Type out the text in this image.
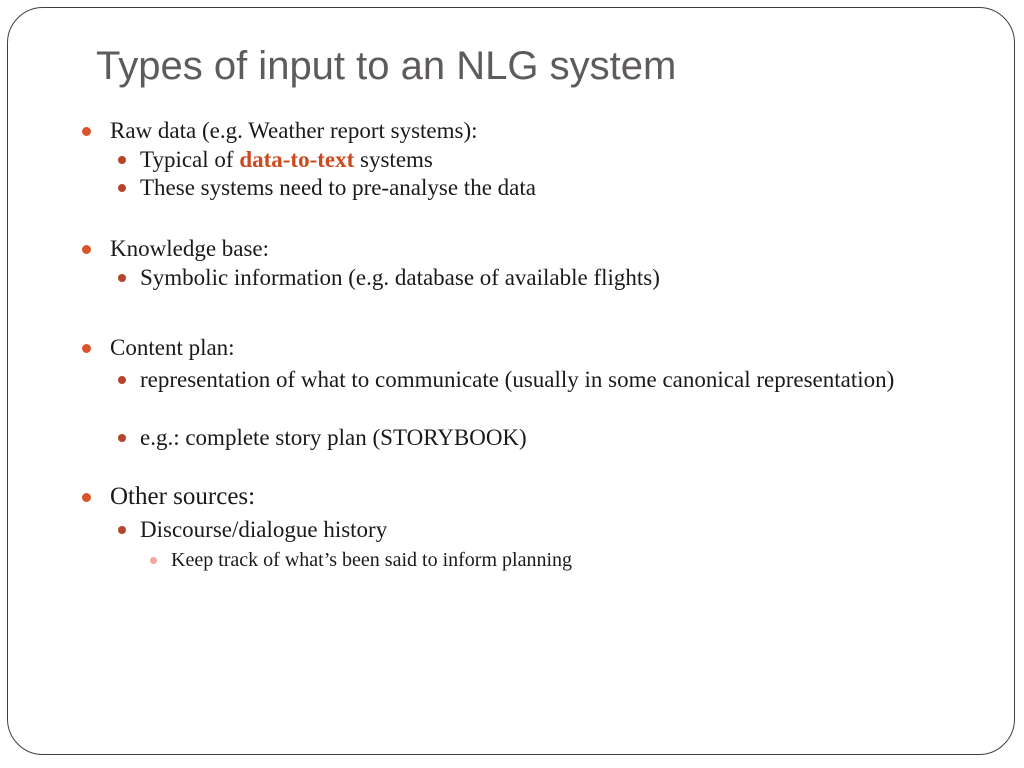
Types of input to an NLG system
Raw data (e.g. Weather report systems):
Typical of data-to-text systems
These systems need to pre-analyse the data
Knowledge base:
Symbolic information (e.g. database of available flights)
Content plan:
representation of what to communicate (usually in some canonical representation)
e.g.: complete story plan (STORYBOOK)
Other sources:
Discourse/dialogue history
Keep track of what’s been said to inform planning
